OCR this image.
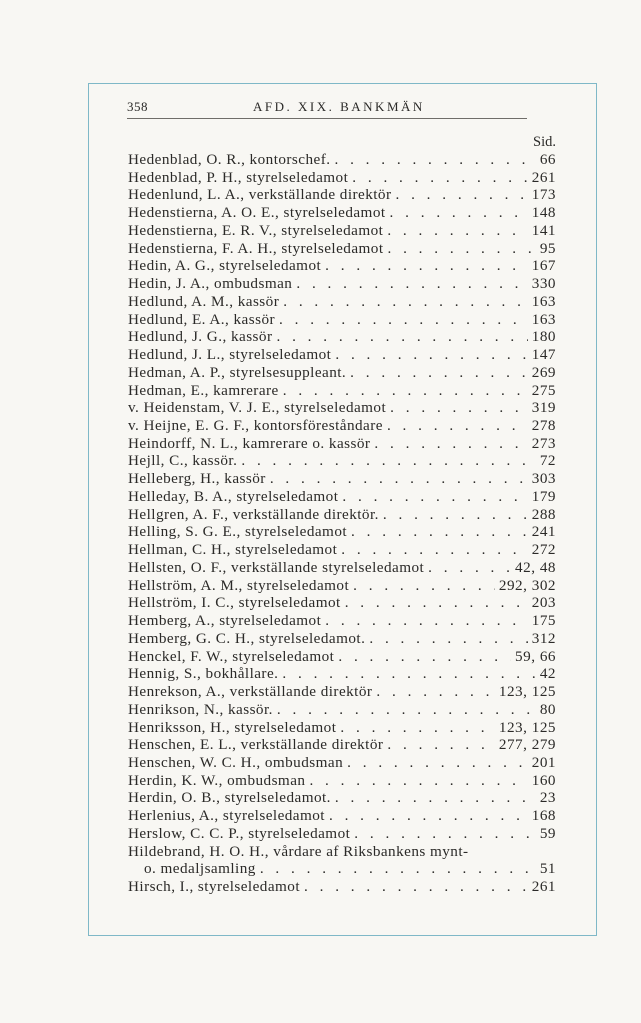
358	AFD. XIX. BANKMÄN
Sid.
Hedenblad, O. R., kontorschef. . . .	66
Hedenblad, P. H., styrelseledamot . . .	261
Hedenlund, L. A., verkställande direktör . . .	173
Hedenstierna, A. O. E., styrelseledamot . . .	148
Hedenstierna, E. R. V., styrelseledamot . . .	141
Hedenstierna, F. A. H., styrelseledamot . . .	95
Hedin, A. G., styrelseledamot . . .	167
Hedin, J. A., ombudsman . . .	330
Hedlund, A. M., kassör . . .	163
Hedlund, E. A., kassör . . .	163
Hedlund, J. G., kassör . . .	180
Hedlund, J. L., styrelseledamot . . .	147
Hedman, A. P., styrelsesuppleant. . . .	269
Hedman, E., kamrerare . . .	275
v. Heidenstam, V. J. E., styrelseledamot . . .	319
v. Heijne, E. G. F., kontorsföreståndare . . .	278
Heindorff, N. L., kamrerare o. kassör . . .	273
Hejll, C., kassör. . . .	72
Helleberg, H., kassör . . .	303
Helleday, B. A., styrelseledamot . . .	179
Hellgren, A. F., verkställande direktör. . . .	288
Helling, S. G. E., styrelseledamot . . .	241
Hellman, C. H., styrelseledamot . . .	272
Hellsten, O. F., verkställande styrelseledamot . . .	42, 48
Hellström, A. M., styrelseledamot . . .	292, 302
Hellström, I. C., styrelseledamot . . .	203
Hemberg, A., styrelseledamot . . .	175
Hemberg, G. C. H., styrelseledamot. . . .	312
Henckel, F. W., styrelseledamot . . .	59, 66
Hennig, S., bokhållare. . . .	42
Henrekson, A., verkställande direktör . . .	123, 125
Henrikson, N., kassör. . . .	80
Henriksson, H., styrelseledamot . . .	123, 125
Henschen, E. L., verkställande direktör . . .	277, 279
Henschen, W. C. H., ombudsman . . .	201
Herdin, K. W., ombudsman . . .	160
Herdin, O. B., styrelseledamot. . . .	23
Herlenius, A., styrelseledamot . . .	168
Herslow, C. C. P., styrelseledamot . . .	59
Hildebrand, H. O. H., vårdare af Riksbankens mynt-
o. medaljsamling . . .	51
Hirsch, I., styrelseledamot . . .	261
